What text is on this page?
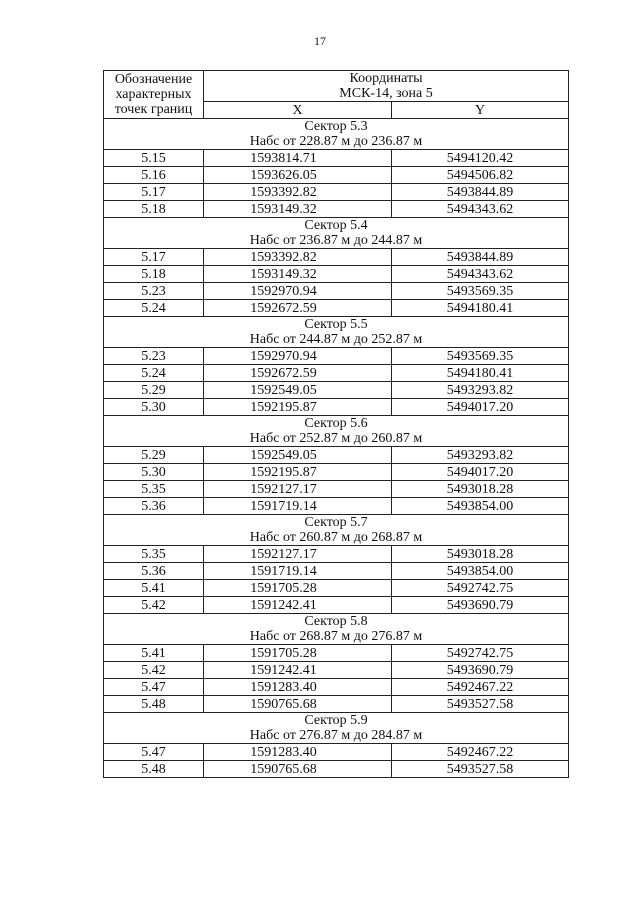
17
Обозначение
характерных
точек границ	Координаты
МСК-14, зона 5	
	X	Y

Сектор 5.3
Набс от 228.87 м до 236.87 м		

5.15	1593814.71	5494120.42
5.16	1593626.05	5494506.82
5.17	1593392.82	5493844.89
5.18	1593149.32	5494343.62

Сектор 5.4
Набс от 236.87 м до 244.87 м		

5.17	1593392.82	5493844.89
5.18	1593149.32	5494343.62
5.23	1592970.94	5493569.35
5.24	1592672.59	5494180.41

Сектор 5.5
Набс от 244.87 м до 252.87 м		

5.23	1592970.94	5493569.35
5.24	1592672.59	5494180.41
5.29	1592549.05	5493293.82
5.30	1592195.87	5494017.20

Сектор 5.6
Набс от 252.87 м до 260.87 м		

5.29	1592549.05	5493293.82
5.30	1592195.87	5494017.20
5.35	1592127.17	5493018.28
5.36	1591719.14	5493854.00

Сектор 5.7
Набс от 260.87 м до 268.87 м		

5.35	1592127.17	5493018.28
5.36	1591719.14	5493854.00
5.41	1591705.28	5492742.75
5.42	1591242.41	5493690.79

Сектор 5.8
Набс от 268.87 м до 276.87 м		

5.41	1591705.28	5492742.75
5.42	1591242.41	5493690.79
5.47	1591283.40	5492467.22
5.48	1590765.68	5493527.58

Сектор 5.9
Набс от 276.87 м до 284.87 м		

5.47	1591283.40	5492467.22
5.48	1590765.68	5493527.58
